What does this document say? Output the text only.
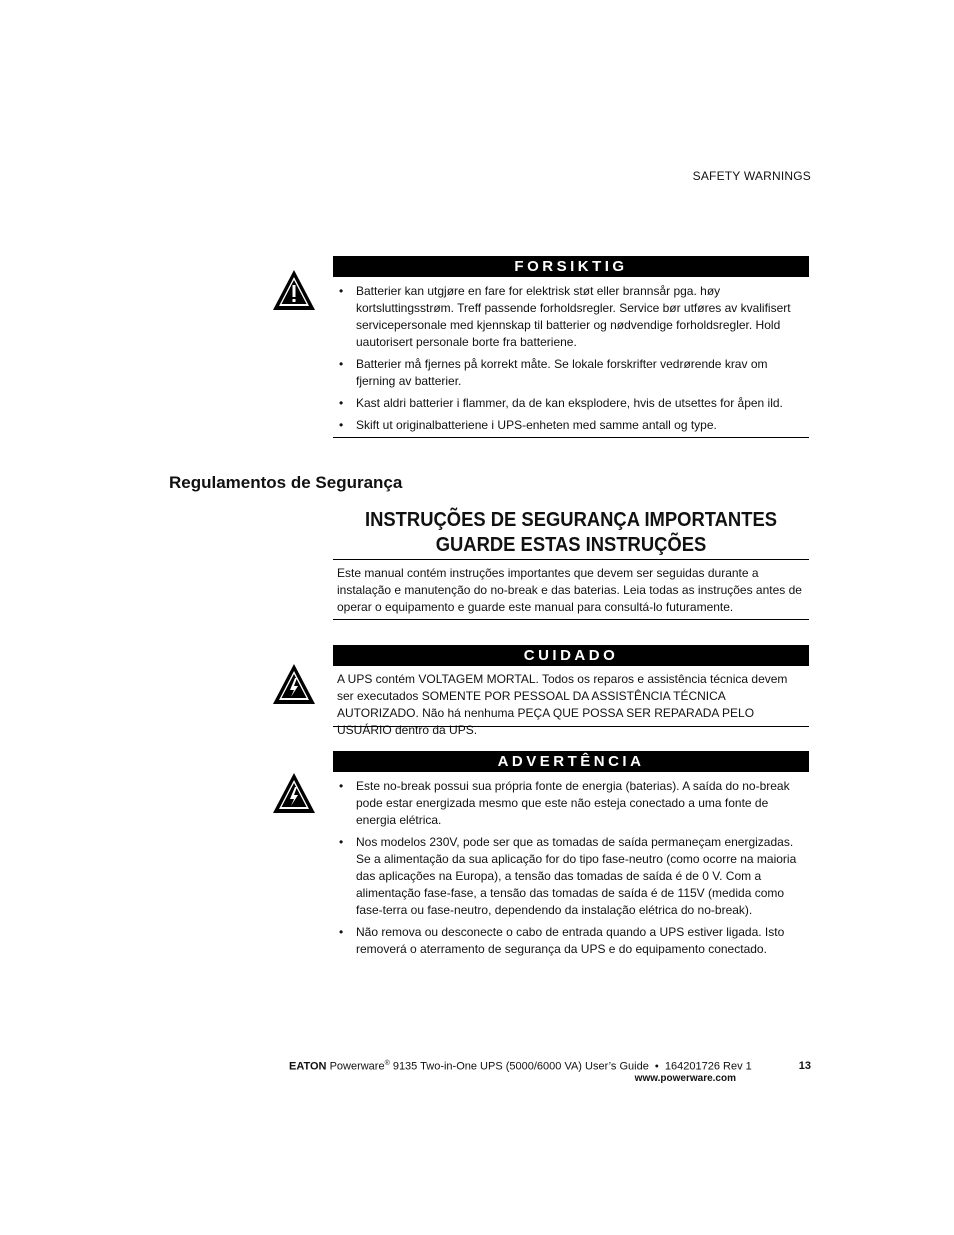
SAFETY WARNINGS
FORSIKTIG
• Batterier kan utgjøre en fare for elektrisk støt eller brannsår pga. høy kortsluttingsstrøm. Treff passende forholdsregler. Service bør utføres av kvalifisert servicepersonale med kjennskap til batterier og nødvendige forholdsregler. Hold uautorisert personale borte fra batteriene.
• Batterier må fjernes på korrekt måte. Se lokale forskrifter vedrørende krav om fjerning av batterier.
• Kast aldri batterier i flammer, da de kan eksplodere, hvis de utsettes for åpen ild.
• Skift ut originalbatteriene i UPS-enheten med samme antall og type.
Regulamentos de Segurança
INSTRUÇÕES DE SEGURANÇA IMPORTANTES
GUARDE ESTAS INSTRUÇÕES
Este manual contém instruções importantes que devem ser seguidas durante a instalação e manutenção do no-break e das baterias. Leia todas as instruções antes de operar o equipamento e guarde este manual para consultá-lo futuramente.
CUIDADO
A UPS contém VOLTAGEM MORTAL. Todos os reparos e assistência técnica devem ser executados SOMENTE POR PESSOAL DA ASSISTÊNCIA TÉCNICA AUTORIZADO. Não há nenhuma PEÇA QUE POSSA SER REPARADA PELO USUÁRIO dentro da UPS.
ADVERTÊNCIA
• Este no-break possui sua própria fonte de energia (baterias). A saída do no-break pode estar energizada mesmo que este não esteja conectado a uma fonte de energia elétrica.
• Nos modelos 230V, pode ser que as tomadas de saída permaneçam energizadas. Se a alimentação da sua aplicação for do tipo fase-neutro (como ocorre na maioria das aplicações na Europa), a tensão das tomadas de saída é de 0 V. Com a alimentação fase-fase, a tensão das tomadas de saída é de 115V (medida como fase-terra ou fase-neutro, dependendo da instalação elétrica do no-break).
• Não remova ou desconecte o cabo de entrada quando a UPS estiver ligada. Isto removerá o aterramento de segurança da UPS e do equipamento conectado.
EATON Powerware® 9135 Two-in-One UPS (5000/6000 VA) User’s Guide  •  164201726 Rev 1
www.powerware.com
13
